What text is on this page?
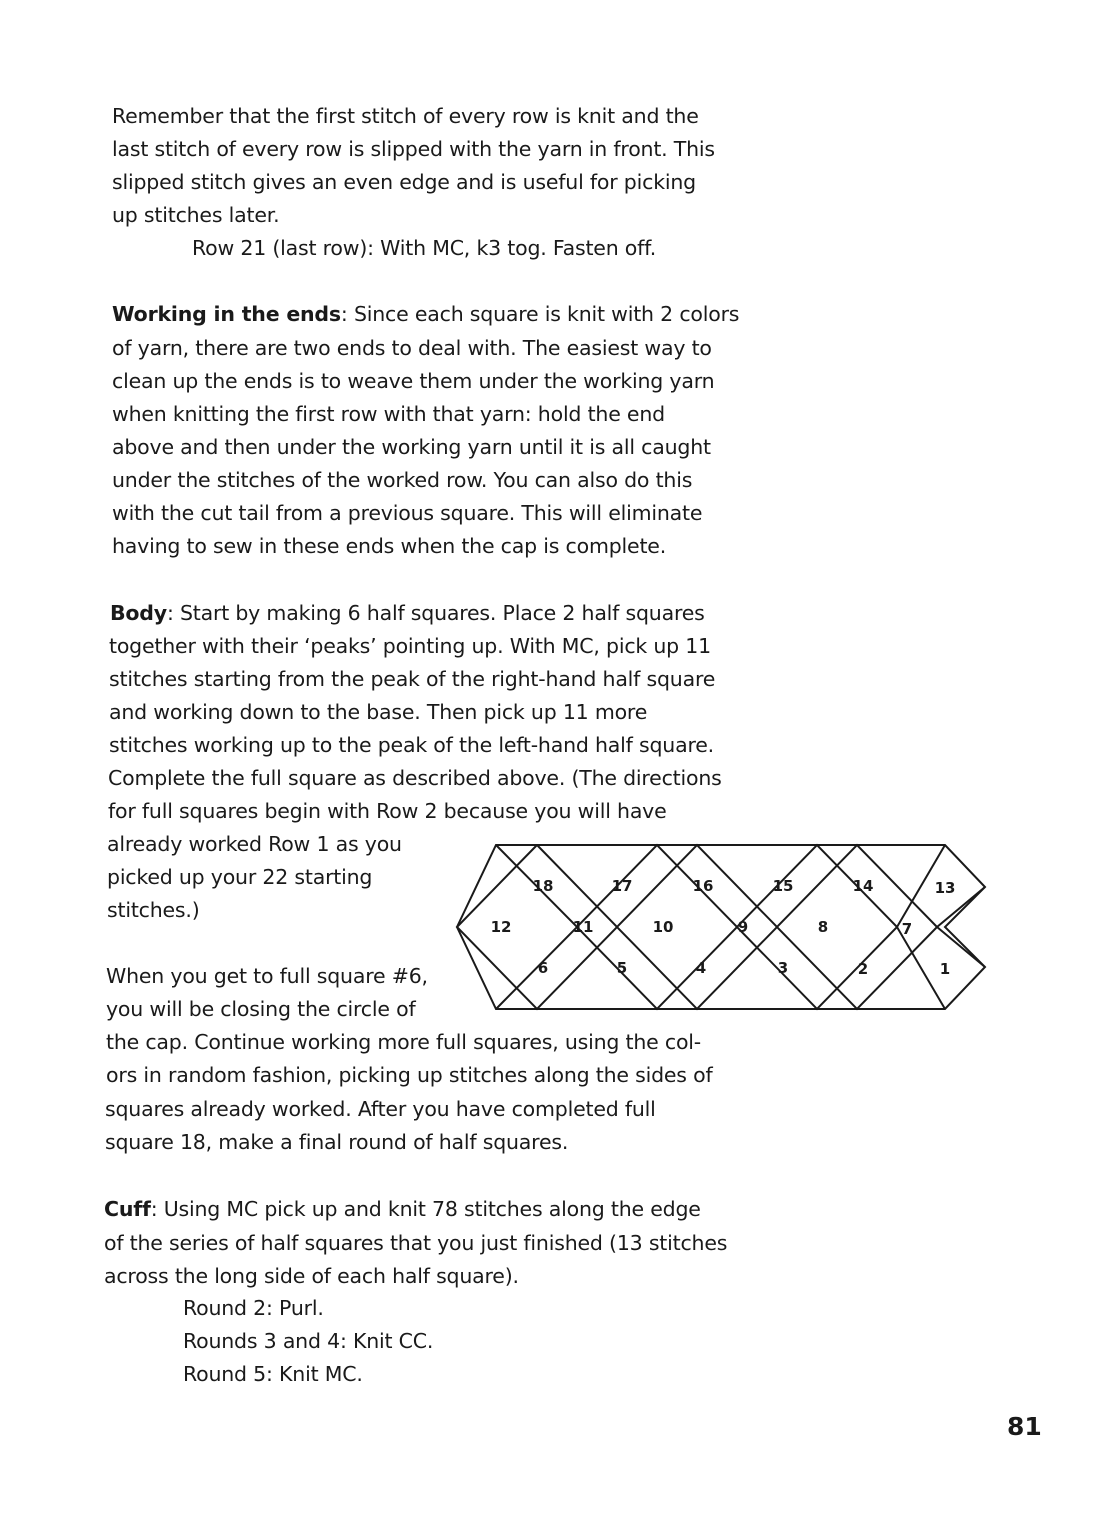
Remember that the first stitch of every row is knit and the
last stitch of every row is slipped with the yarn in front. This
slipped stitch gives an even edge and is useful for picking
up stitches later.
Row 21 (last row): With MC, k3 tog. Fasten off.
Working in the ends: Since each square is knit with 2 colors
of yarn, there are two ends to deal with. The easiest way to
clean up the ends is to weave them under the working yarn
when knitting the first row with that yarn: hold the end
above and then under the working yarn until it is all caught
under the stitches of the worked row. You can also do this
with the cut tail from a previous square. This will eliminate
having to sew in these ends when the cap is complete.
Body: Start by making 6 half squares. Place 2 half squares
together with their ‘peaks’ pointing up. With MC, pick up 11
stitches starting from the peak of the right-hand half square
and working down to the base. Then pick up 11 more
stitches working up to the peak of the left-hand half square.
Complete the full square as described above. (The directions
for full squares begin with Row 2 because you will have
already worked Row 1 as you
picked up your 22 starting
stitches.)
When you get to full square #6,
you will be closing the circle of
the cap. Continue working more full squares, using the col-
ors in random fashion, picking up stitches along the sides of
squares already worked. After you have completed full
square 18, make a final round of half squares.
Cuff: Using MC pick up and knit 78 stitches along the edge
of the series of half squares that you just finished (13 stitches
across the long side of each half square).
Round 2: Purl.
Rounds 3 and 4: Knit CC.
Round 5: Knit MC.
18	17	16	15	14	13
12	11	10	9	8	7
6	5	4	3	2	1
81
